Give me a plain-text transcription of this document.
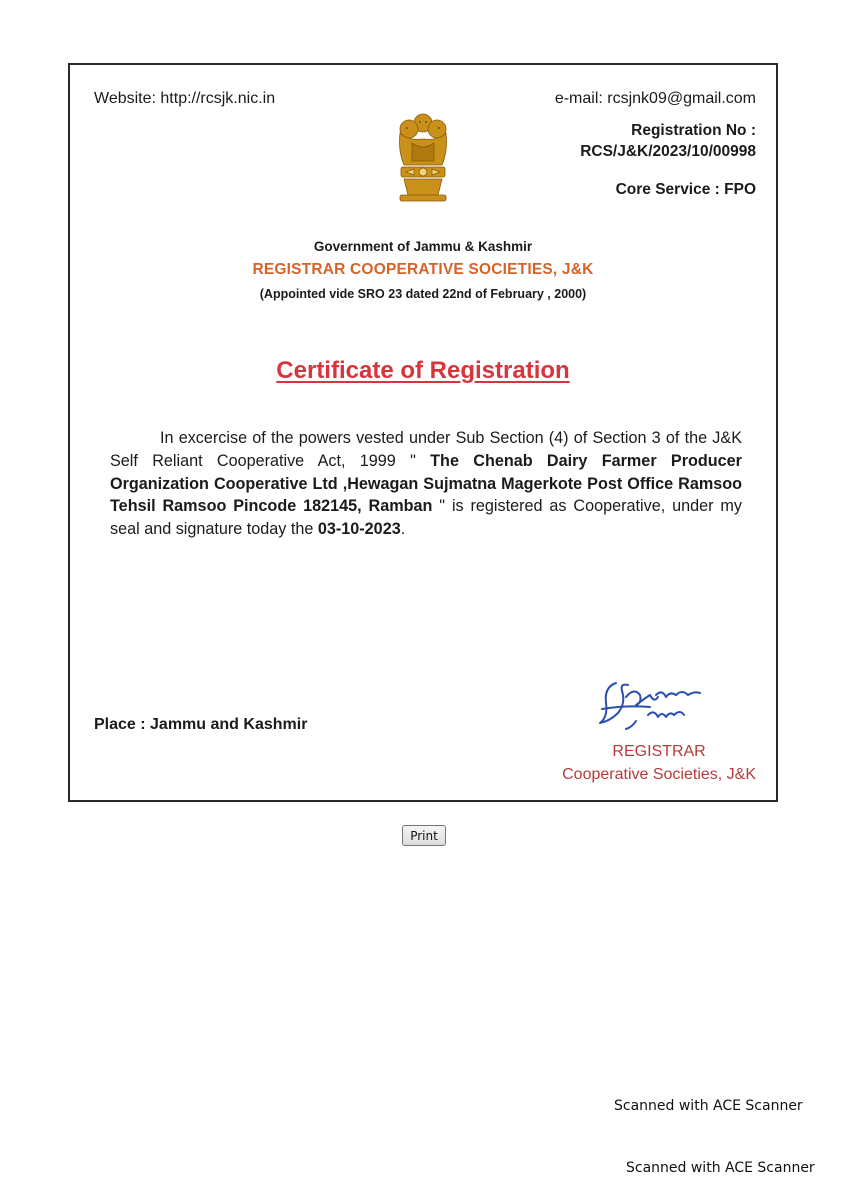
Website: http://rcsjk.nic.in	e-mail: rcsjnk09@gmail.com
Registration No :
RCS/J&K/2023/10/00998
Core Service : FPO
Government of Jammu & Kashmir
REGISTRAR COOPERATIVE SOCIETIES, J&K
(Appointed vide SRO 23 dated 22nd of February , 2000)
Certificate of Registration
In excercise of the powers vested under Sub Section (4) of Section 3 of the J&K Self Reliant Cooperative Act, 1999 " The Chenab Dairy Farmer Producer Organization Cooperative Ltd ,Hewagan Sujmatna Magerkote Post Office Ramsoo Tehsil Ramsoo Pincode 182145, Ramban " is registered as Cooperative, under my seal and signature today the 03-10-2023.
Place : Jammu and Kashmir
REGISTRAR
Cooperative Societies, J&K
Print
Scanned with ACE Scanner
Scanned with ACE Scanner
